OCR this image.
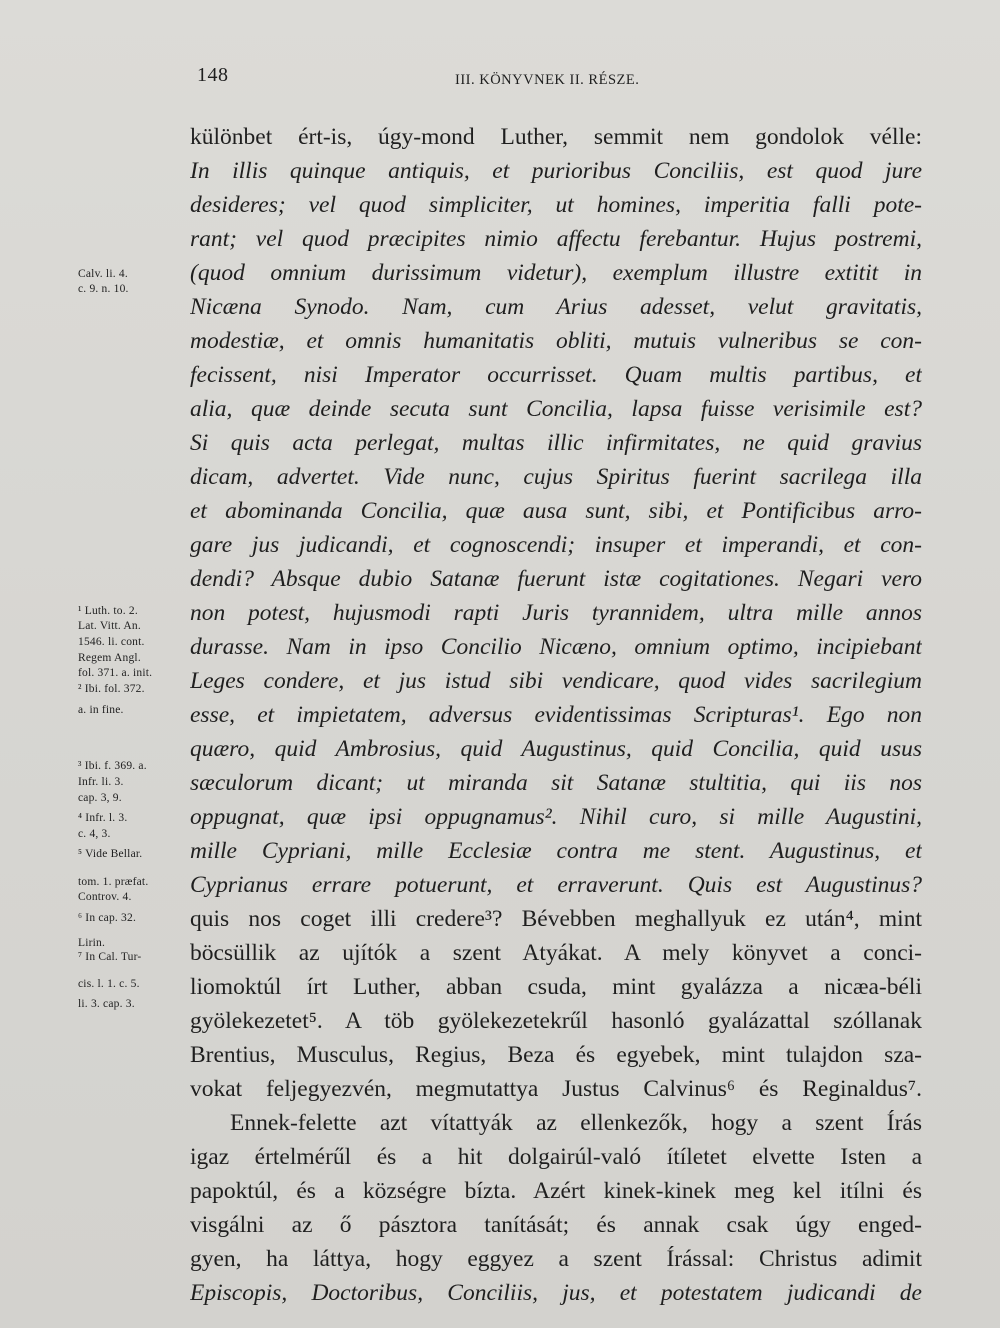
148	III. KÖNYVNEK II. RÉSZE.
különbet ért-is, úgy-mond Luther, semmit nem gondolok vélle:
In illis quinque antiquis, et purioribus Conciliis, est quod jure
desideres; vel quod simpliciter, ut homines, imperitia falli pote-
rant; vel quod præcipites nimio affectu ferebantur. Hujus postremi,
(quod omnium durissimum videtur), exemplum illustre extitit in
Nicæna Synodo. Nam, cum Arius adesset, velut gravitatis,
modestiæ, et omnis humanitatis obliti, mutuis vulneribus se con-
fecissent, nisi Imperator occurrisset. Quam multis partibus, et
alia, quæ deinde secuta sunt Concilia, lapsa fuisse verisimile est?
Si quis acta perlegat, multas illic infirmitates, ne quid gravius
dicam, advertet. Vide nunc, cujus Spiritus fuerint sacrilega illa
et abominanda Concilia, quæ ausa sunt, sibi, et Pontificibus arro-
gare jus judicandi, et cognoscendi; insuper et imperandi, et con-
dendi? Absque dubio Satanæ fuerunt istæ cogitationes. Negari vero
non potest, hujusmodi rapti Juris tyrannidem, ultra mille annos
durasse. Nam in ipso Concilio Nicæno, omnium optimo, incipiebant
Leges condere, et jus istud sibi vendicare, quod vides sacrilegium
esse, et impietatem, adversus evidentissimas Scripturas¹. Ego non
quæro, quid Ambrosius, quid Augustinus, quid Concilia, quid usus
sæculorum dicant; ut miranda sit Satanæ stultitia, qui iis nos
oppugnat, quæ ipsi oppugnamus². Nihil curo, si mille Augustini,
mille Cypriani, mille Ecclesiæ contra me stent. Augustinus, et
Cyprianus errare potuerunt, et erraverunt. Quis est Augustinus?
quis nos coget illi credere³? Bévebben meghallyuk ez után⁴, mint
böcsüllik az ujítók a szent Atyákat. A mely könyvet a conci-
liomoktúl írt Luther, abban csuda, mint gyalázza a nicæa-béli
gyölekezetet⁵. A töb gyölekezetekrűl hasonló gyalázattal szóllanak
Brentius, Musculus, Regius, Beza és egyebek, mint tulajdon sza-
vokat feljegyezvén, megmutattya Justus Calvinus⁶ és Reginaldus⁷.
Ennek-felette azt vítattyák az ellenkezők, hogy a szent Írás
igaz értelmérűl és a hit dolgairúl-való ítíletet elvette Isten a
papoktúl, és a községre bízta. Azért kinek-kinek meg kel itílni és
visgálni az ő pásztora tanítását; és annak csak úgy enged-
gyen, ha láttya, hogy eggyez a szent Írással: Christus adimit
Episcopis, Doctoribus, Conciliis, jus, et potestatem judicandi de
Calv. li. 4.
c. 9. n. 10.
¹ Luth. to. 2.
Lat. Vitt. An.
1546. li. cont.
Regem Angl.
fol. 371. a. init.
² Ibi. fol. 372.
a. in fine.
³ Ibi. f. 369. a.
Infr. li. 3.
cap. 3, 9.
⁴ Infr. l. 3.
c. 4, 3.
⁵ Vide Bellar.
tom. 1. præfat.
Controv. 4.
⁶ In cap. 32.
Lirin.
⁷ In Cal. Tur-
cis. l. 1. c. 5.
li. 3. cap. 3.
